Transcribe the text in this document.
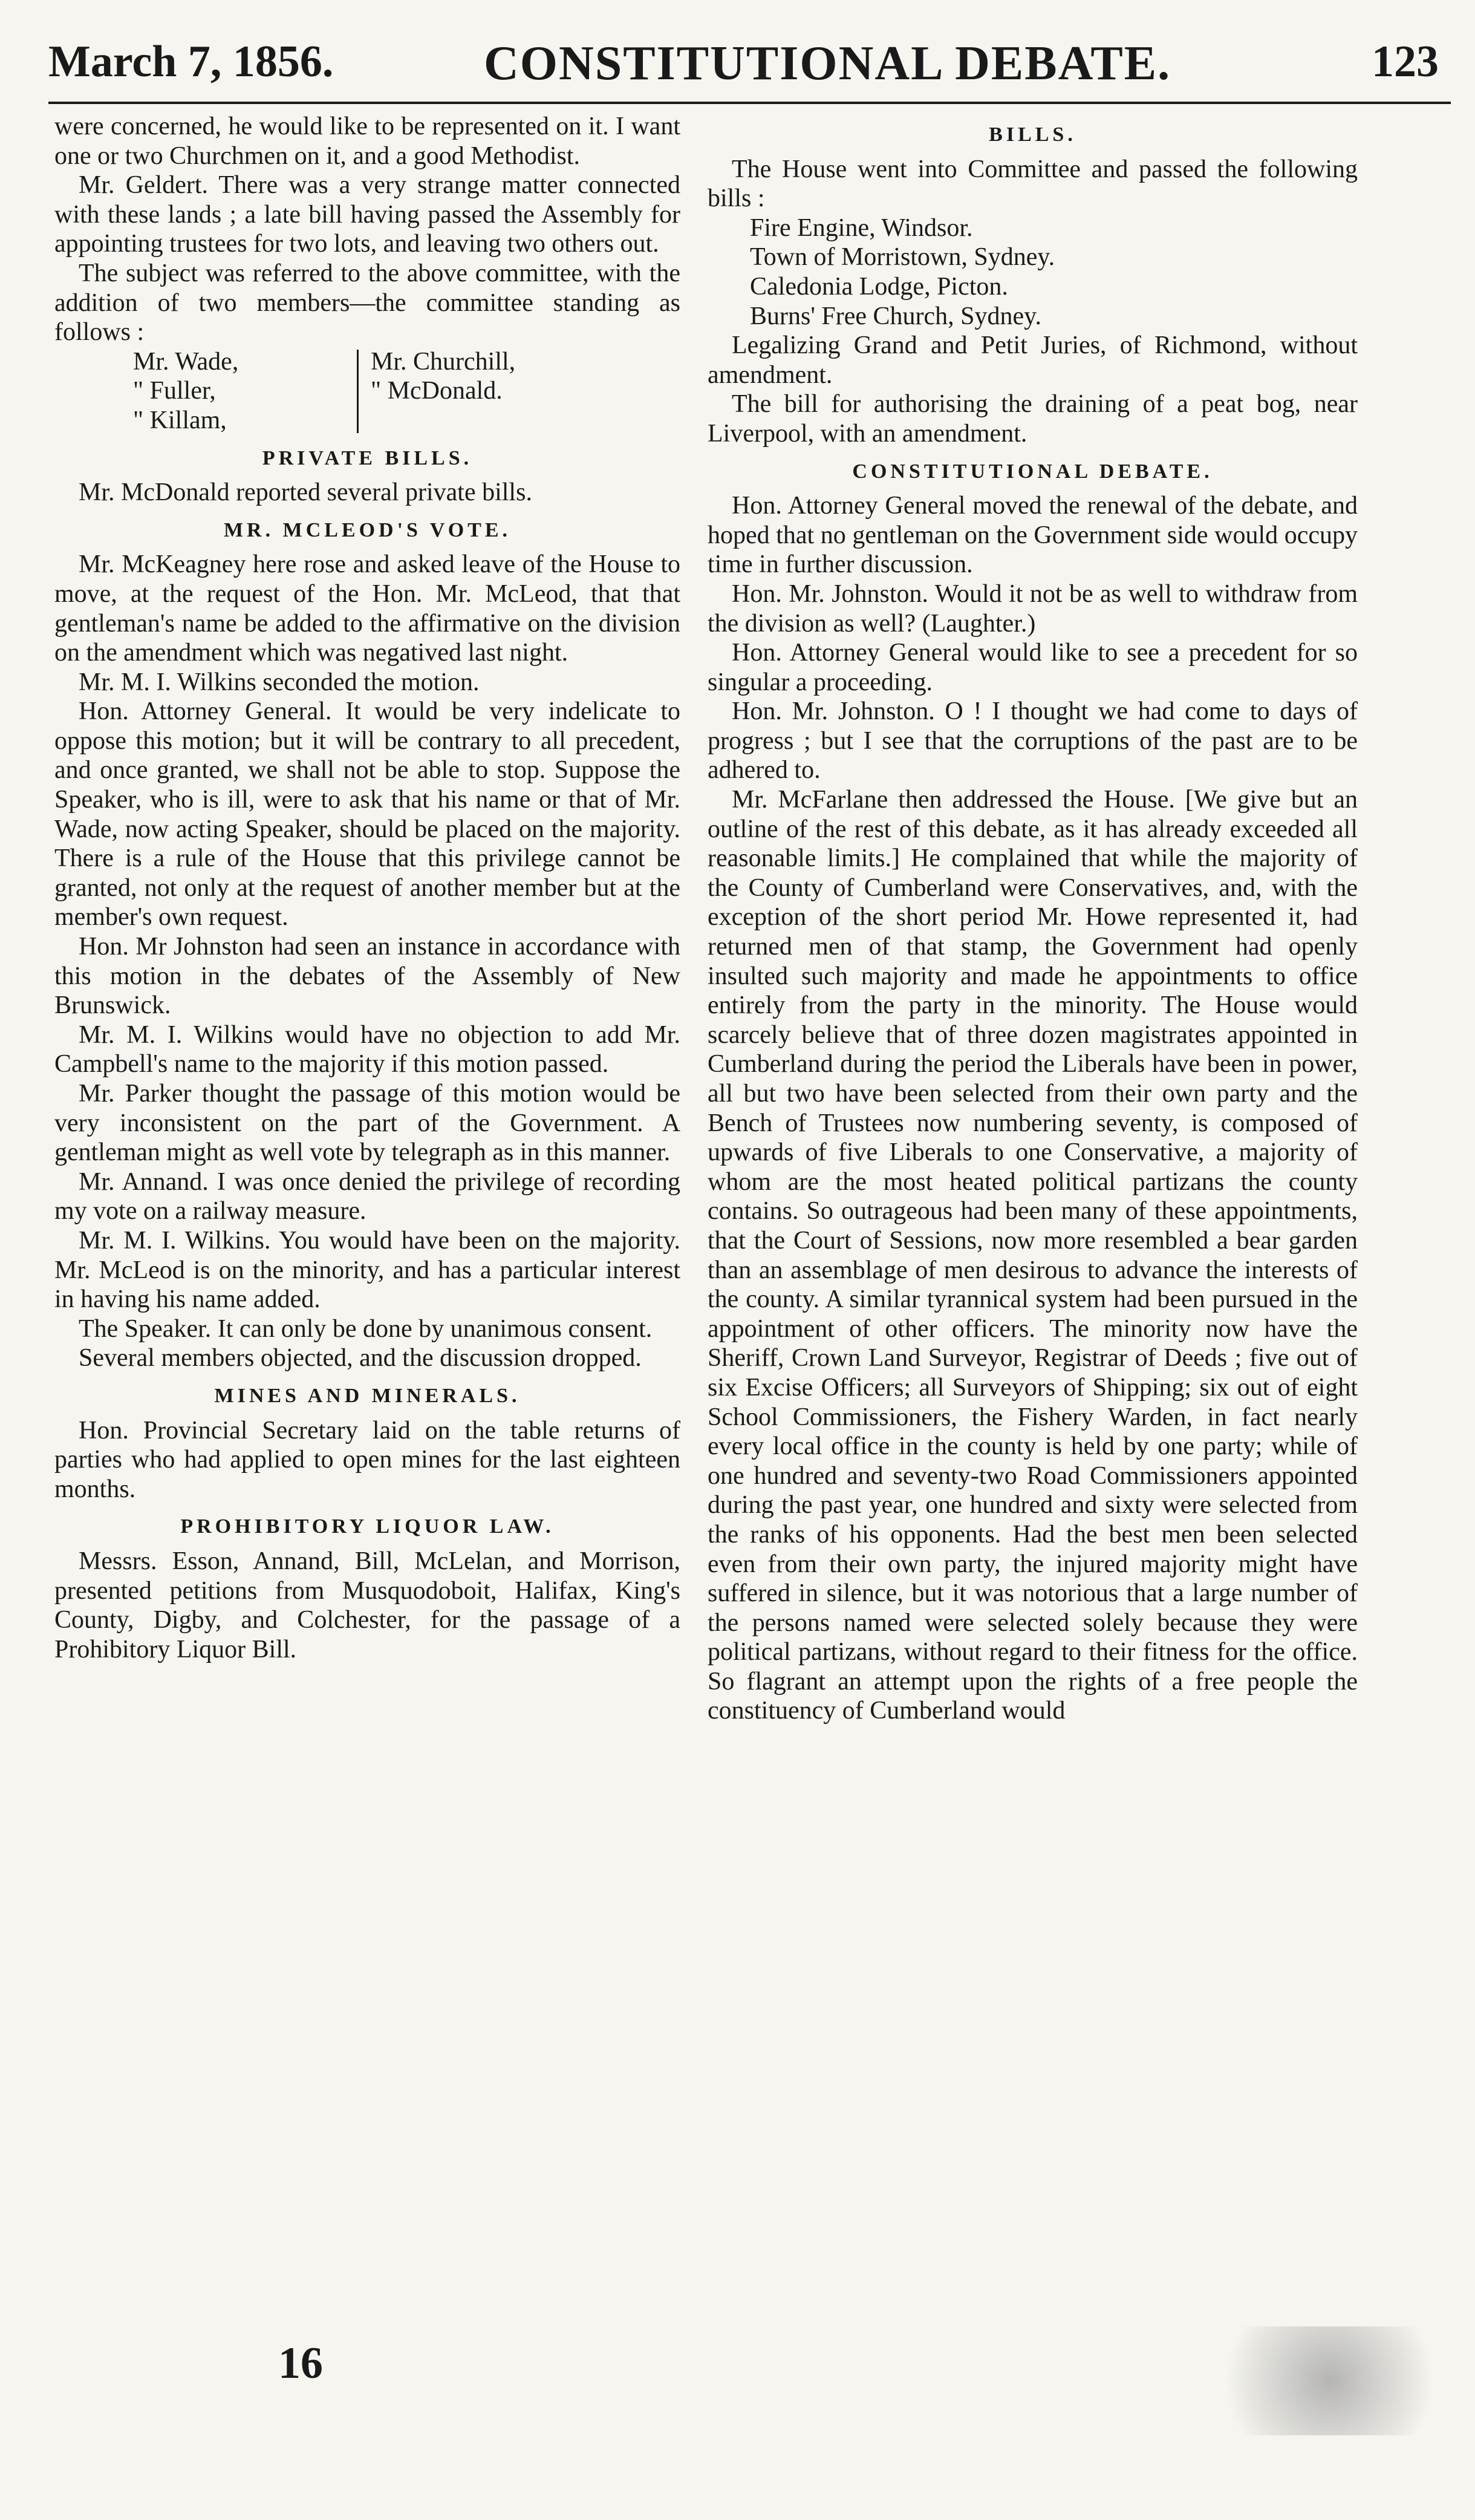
March 7, 1856.	CONSTITUTIONAL DEBATE.	123

were concerned, he would like to be represented on it. I want one or two Churchmen on it, and a good Methodist.

Mr. Geldert. There was a very strange matter connected with these lands ; a late bill having passed the Assembly for appointing trustees for two lots, and leaving two others out.

The subject was referred to the above committee, with the addition of two members—the committee standing as follows :

Mr. Wade,
" Fuller,
" Killam,
Mr. Churchill,
" McDonald.
PRIVATE BILLS.

Mr. McDonald reported several private bills.

MR. MCLEOD'S VOTE.

Mr. McKeagney here rose and asked leave of the House to move, at the request of the Hon. Mr. McLeod, that that gentleman's name be added to the affirmative on the division on the amendment which was negatived last night.

Mr. M. I. Wilkins seconded the motion.

Hon. Attorney General. It would be very indelicate to oppose this motion; but it will be contrary to all precedent, and once granted, we shall not be able to stop. Suppose the Speaker, who is ill, were to ask that his name or that of Mr. Wade, now acting Speaker, should be placed on the majority. There is a rule of the House that this privilege cannot be granted, not only at the request of another member but at the member's own request.

Hon. Mr Johnston had seen an instance in accordance with this motion in the debates of the Assembly of New Brunswick.

Mr. M. I. Wilkins would have no objection to add Mr. Campbell's name to the majority if this motion passed.

Mr. Parker thought the passage of this motion would be very inconsistent on the part of the Government. A gentleman might as well vote by telegraph as in this manner.

Mr. Annand. I was once denied the privilege of recording my vote on a railway measure.

Mr. M. I. Wilkins. You would have been on the majority. Mr. McLeod is on the minority, and has a particular interest in having his name added.

The Speaker. It can only be done by unanimous consent.

Several members objected, and the discussion dropped.

MINES AND MINERALS.

Hon. Provincial Secretary laid on the table returns of parties who had applied to open mines for the last eighteen months.

PROHIBITORY LIQUOR LAW.

Messrs. Esson, Annand, Bill, McLelan, and Morrison, presented petitions from Musquodoboit, Halifax, King's County, Digby, and Colchester, for the passage of a Prohibitory Liquor Bill.

BILLS.

The House went into Committee and passed the following bills :

Fire Engine, Windsor.
Town of Morristown, Sydney.
Caledonia Lodge, Picton.
Burns' Free Church, Sydney.

Legalizing Grand and Petit Juries, of Richmond, without amendment.

The bill for authorising the draining of a peat bog, near Liverpool, with an amendment.

CONSTITUTIONAL DEBATE.

Hon. Attorney General moved the renewal of the debate, and hoped that no gentleman on the Government side would occupy time in further discussion.

Hon. Mr. Johnston. Would it not be as well to withdraw from the division as well? (Laughter.)

Hon. Attorney General would like to see a precedent for so singular a proceeding.

Hon. Mr. Johnston. O ! I thought we had come to days of progress ; but I see that the corruptions of the past are to be adhered to.

Mr. McFarlane then addressed the House. [We give but an outline of the rest of this debate, as it has already exceeded all reasonable limits.] He complained that while the majority of the County of Cumberland were Conservatives, and, with the exception of the short period Mr. Howe represented it, had returned men of that stamp, the Government had openly insulted such majority and made he appointments to office entirely from the party in the minority. The House would scarcely believe that of three dozen magistrates appointed in Cumberland during the period the Liberals have been in power, all but two have been selected from their own party and the Bench of Trustees now numbering seventy, is composed of upwards of five Liberals to one Conservative, a majority of whom are the most heated political partizans the county contains. So outrageous had been many of these appointments, that the Court of Sessions, now more resembled a bear garden than an assemblage of men desirous to advance the interests of the county. A similar tyrannical system had been pursued in the appointment of other officers. The minority now have the Sheriff, Crown Land Surveyor, Registrar of Deeds ; five out of six Excise Officers; all Surveyors of Shipping; six out of eight School Commissioners, the Fishery Warden, in fact nearly every local office in the county is held by one party; while of one hundred and seventy-two Road Commissioners appointed during the past year, one hundred and sixty were selected from the ranks of his opponents. Had the best men been selected even from their own party, the injured majority might have suffered in silence, but it was notorious that a large number of the persons named were selected solely because they were political partizans, without regard to their fitness for the office. So flagrant an attempt upon the rights of a free people the constituency of Cumberland would

16
